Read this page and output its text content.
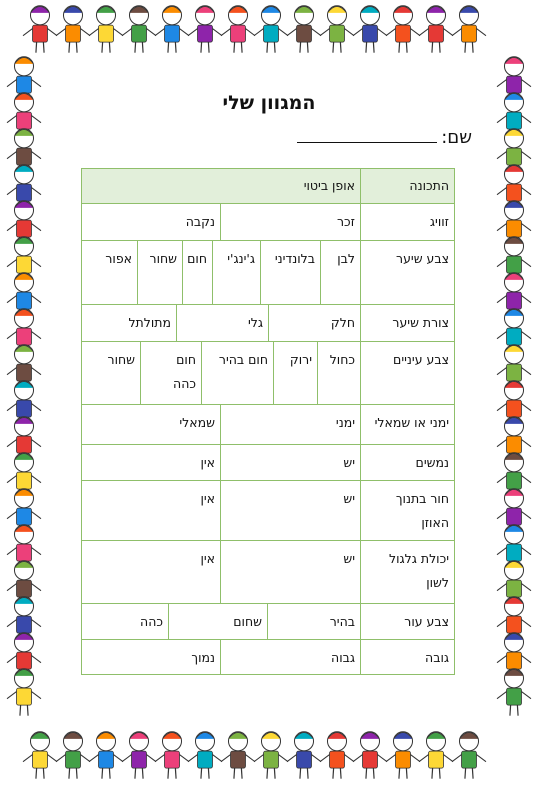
המגוון שלי
שם:
התכונה
אופן ביטוי
זוויג
זכר
נקבה
צבע שיער
לבן
בלונדיני
ג'ינג'י
חום
שחור
אפור
צורת שיער
חלק
גלי
מתולתל
צבע עיניים
כחול
ירוק
חום בהיר
חום כהה
שחור
ימני או שמאלי
ימני
שמאלי
נמשים
יש
אין
חור בתנוך האוזן
יש
אין
יכולת גלגול לשון
יש
אין
צבע עור
בהיר
שחום
כהה
גובה
גבוה
נמוך
